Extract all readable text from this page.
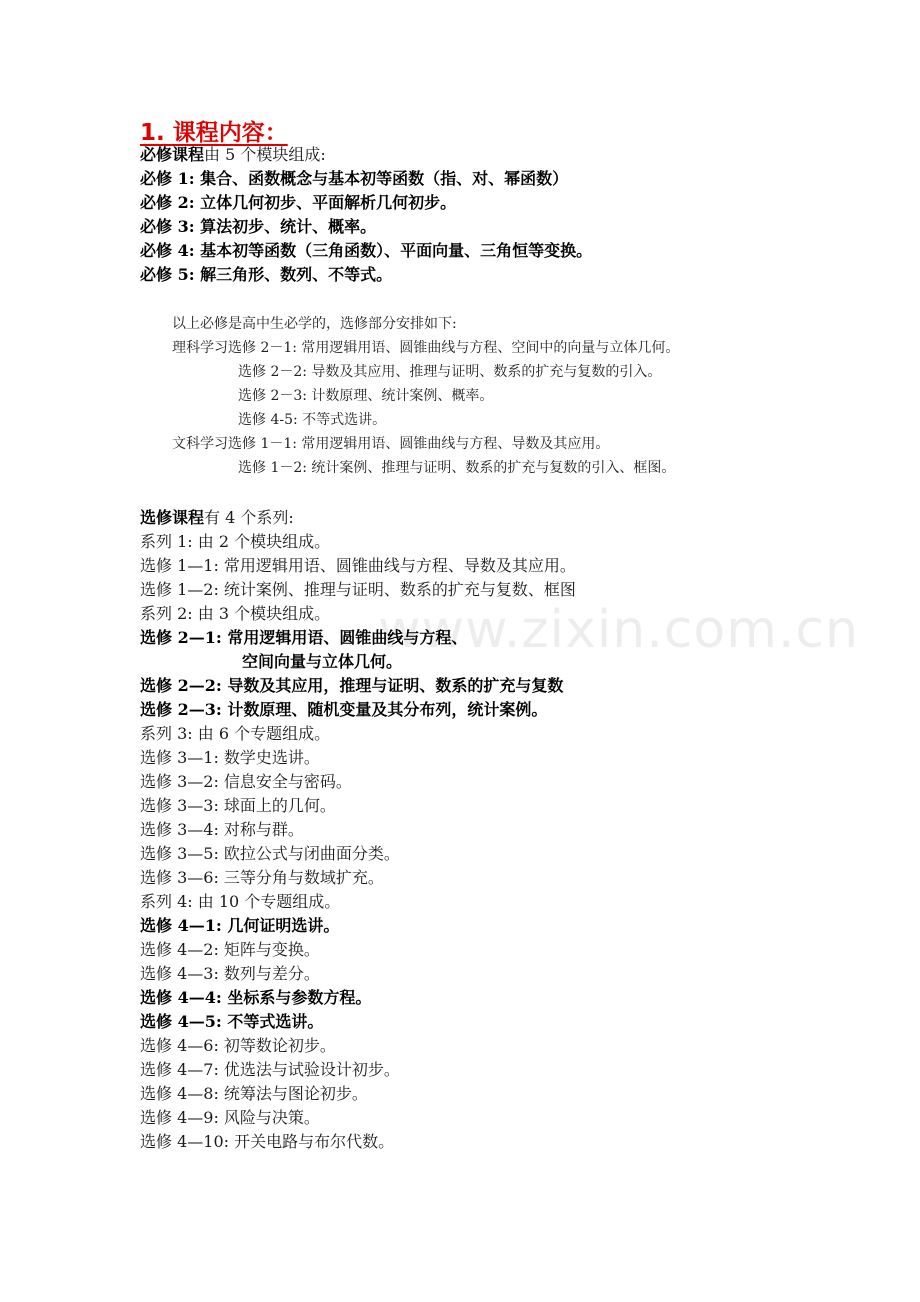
1. 课程内容：
必修课程由 5 个模块组成:
必修 1: 集合、函数概念与基本初等函数（指、对、幂函数）
必修 2: 立体几何初步、平面解析几何初步。
必修 3: 算法初步、统计、概率。
必修 4: 基本初等函数（三角函数）、平面向量、三角恒等变换。
必修 5: 解三角形、数列、不等式。
以上必修是高中生必学的，选修部分安排如下:
理科学习选修 2－1: 常用逻辑用语、圆锥曲线与方程、空间中的向量与立体几何。
选修 2－2: 导数及其应用、推理与证明、数系的扩充与复数的引入。
选修 2－3: 计数原理、统计案例、概率。
选修 4-5: 不等式选讲。
文科学习选修 1－1: 常用逻辑用语、圆锥曲线与方程、导数及其应用。
选修 1－2: 统计案例、推理与证明、数系的扩充与复数的引入、框图。
选修课程有 4 个系列:
系列 1: 由 2 个模块组成。
选修 1—1: 常用逻辑用语、圆锥曲线与方程、导数及其应用。
选修 1—2: 统计案例、推理与证明、数系的扩充与复数、框图
系列 2: 由 3 个模块组成。
选修 2—1: 常用逻辑用语、圆锥曲线与方程、
空间向量与立体几何。
选修 2—2: 导数及其应用，推理与证明、数系的扩充与复数
选修 2—3: 计数原理、随机变量及其分布列，统计案例。
系列 3: 由 6 个专题组成。
选修 3—1: 数学史选讲。
选修 3—2: 信息安全与密码。
选修 3—3: 球面上的几何。
选修 3—4: 对称与群。
选修 3—5: 欧拉公式与闭曲面分类。
选修 3—6: 三等分角与数域扩充。
系列 4: 由 10 个专题组成。
选修 4—1: 几何证明选讲。
选修 4—2: 矩阵与变换。
选修 4—3: 数列与差分。
选修 4—4: 坐标系与参数方程。
选修 4—5: 不等式选讲。
选修 4—6: 初等数论初步。
选修 4—7: 优选法与试验设计初步。
选修 4—8: 统筹法与图论初步。
选修 4—9: 风险与决策。
选修 4—10: 开关电路与布尔代数。
www.zixin.com.cn
